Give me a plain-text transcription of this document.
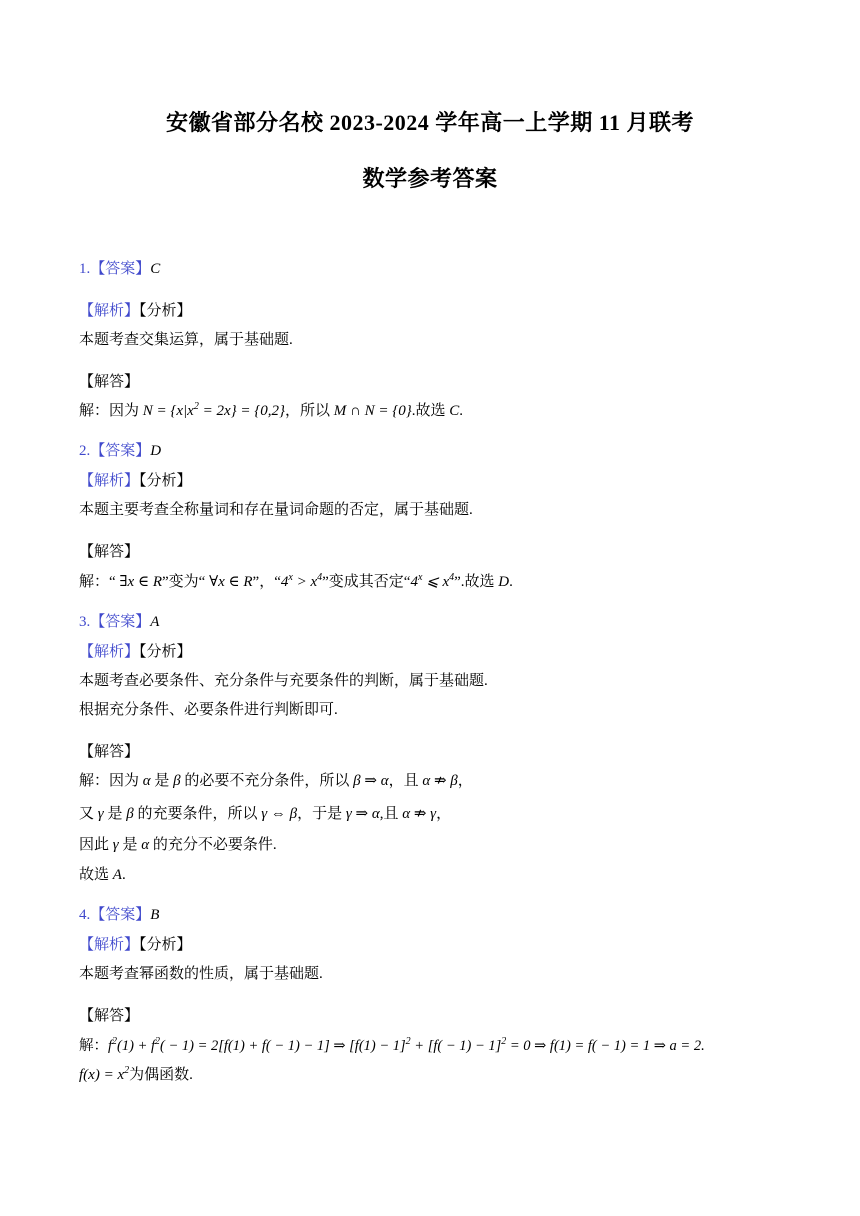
安徽省部分名校 2023-2024 学年高一上学期 11 月联考
数学参考答案
1.【答案】C
【解析】【分析】
本题考查交集运算，属于基础题.
【解答】
解：因为 $N = \{x|x^2 = 2x\} = \{0,2\}$，所以 M ∩ N = {0}.故选 C.
2.【答案】D
【解析】【分析】
本题主要考查全称量词和存在量词命题的否定，属于基础题.
【解答】
解：“ ∃x ∈ R”变为“ ∀x ∈ R”，“$4^x > x^4$”变成其否定“4$^x$ ⩽ $x^4$”.故选 D.
3.【答案】A
【解析】【分析】
本题考查必要条件、充分条件与充要条件的判断，属于基础题.
根据充分条件、必要条件进行判断即可.
【解答】
解：因为 α 是 β 的必要不充分条件，所以 β ⇒ α，且 α ⇏ β，
又 γ 是 β 的充要条件，所以 γ ⇔ β，于是 γ ⇒ α,且 α ⇏ γ，
因此 γ 是 α 的充分不必要条件.
故选 A.
4.【答案】B
【解析】【分析】
本题考查幂函数的性质，属于基础题.
【解答】
解：$f^2(1) + f^2( - 1) = 2[f(1) + f( - 1) - 1]$ ⇒ $[f(1) - 1]^2 + [f( - 1) - 1]^2 = 0$ ⇒ f(1) = f( − 1) = 1 ⇒ a = 2.
$f(x) = x^2$为偶函数.
